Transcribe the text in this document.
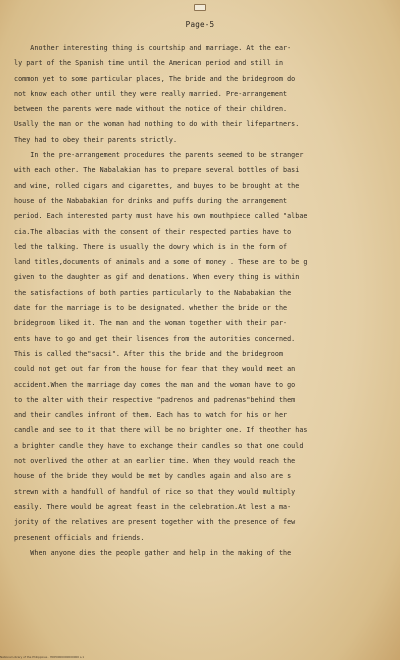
Page-5
Another interesting thing is courtship and marriage. At the ear-
ly part of the Spanish time until the American period and still in
common yet to some particular places, The bride and the bridegroom do
not know each other until they were really married. Pre-arrangement
between the parents were made without the notice of their children.
Usally the man or the woman had nothing to do with their lifepartners.
They had to obey their parents strictly.
In the pre-arrangement procedures the parents seemed to be stranger
with each other. The Nabalakian has to prepare several bottles of basi
and wine, rolled cigars and cigarettes, and buyes to be brought at the
house of the Nababakian for drinks and puffs during the arrangement
period. Each interested party must have his own mouthpiece called "albae
cia.The albacias with the consent of their respected parties have to
led the talking. There is usually the dowry which is in the form of
land titles,documents of animals and a some of money . These are to be g
given to the daughter as gif and denations. When every thing is within
the satisfactions of both parties particularly to the Nababakian the
date for the marriage is to be designated. whether the bride or the
bridegroom liked it. The man and the woman together with their par-
ents have to go and get their lisences from the autorities concerned.
This is called the"sacsi". After this the bride and the bridegroom
could not get out far from the house for fear that they would meet an
accident.When the marriage day comes the man and the woman have to go
to the alter with their respective "padrenos and padrenas"behind them
and their candles infront of them. Each has to watch for his or her
candle and see to it that there will be no brighter one. If theother has
a brighter candle they have to exchange their candles so that one could
not overlived the other at an earlier time. When they would reach the
house of the bride they would be met by candles again and also are s
strewn with a handfull of handful of rice so that they would multiply
easily. There would be agreat feast in the celebration.At lest a ma-
jority of the relatives are present together with the presence of few
presenent officials and friends.
When anyone dies the people gather and help in the making of the
National Library of the Philippines · HDP0000000000000 s.1
